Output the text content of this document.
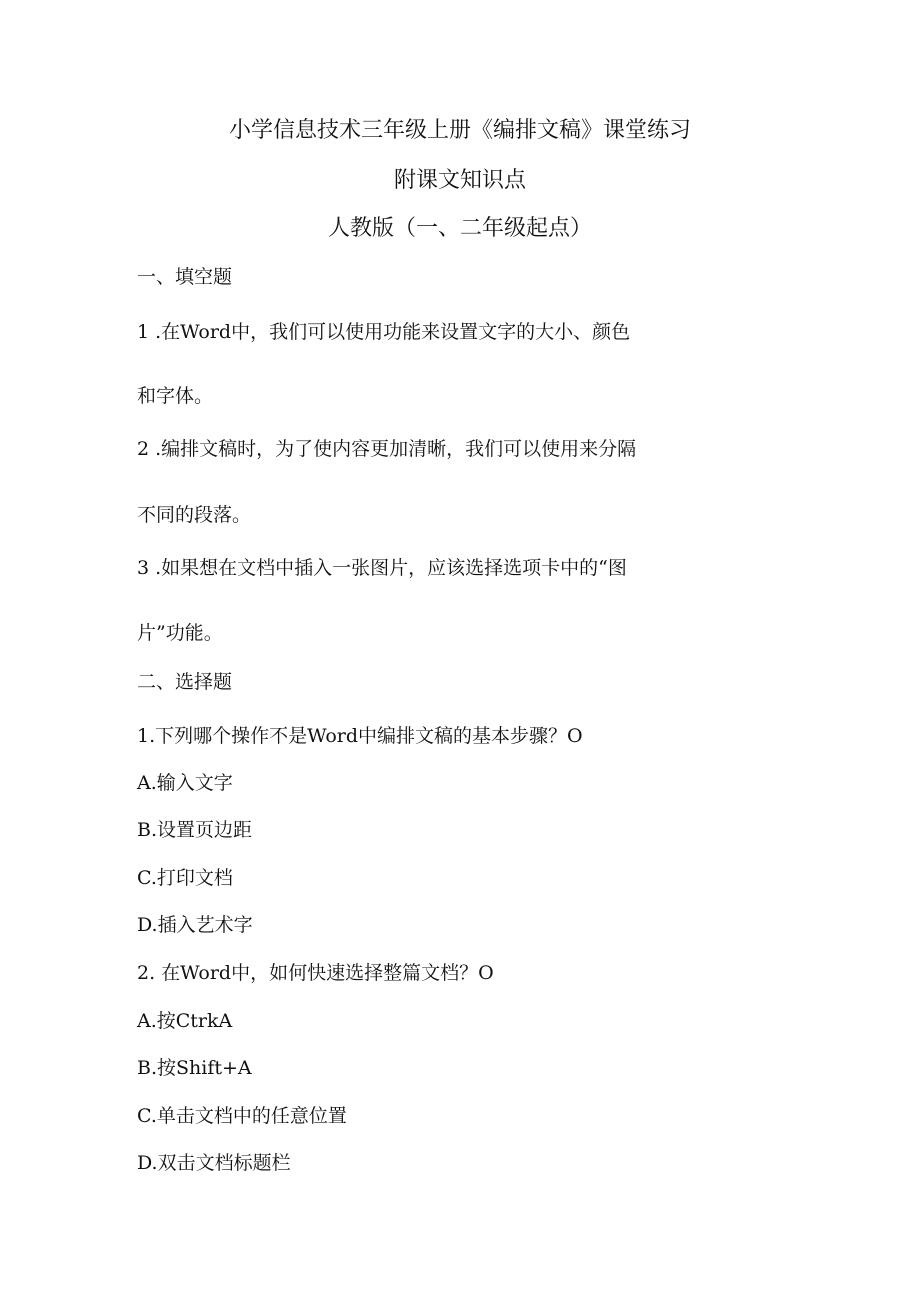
小学信息技术三年级上册《编排文稿》课堂练习
附课文知识点
人教版（一、二年级起点）

一、填空题

1 .在Word中，我们可以使用功能来设置文字的大小、颜色

和字体。

2 .编排文稿时，为了使内容更加清晰，我们可以使用来分隔

不同的段落。

3 .如果想在文档中插入一张图片，应该选择选项卡中的“图

片”功能。

二、选择题

1.下列哪个操作不是Word中编排文稿的基本步骤？O

A.输入文字

B.设置页边距

C.打印文档

D.插入艺术字

2. 在Word中，如何快速选择整篇文档？O

A.按CtrkA

B.按Shift+A

C.单击文档中的任意位置

D.双击文档标题栏
